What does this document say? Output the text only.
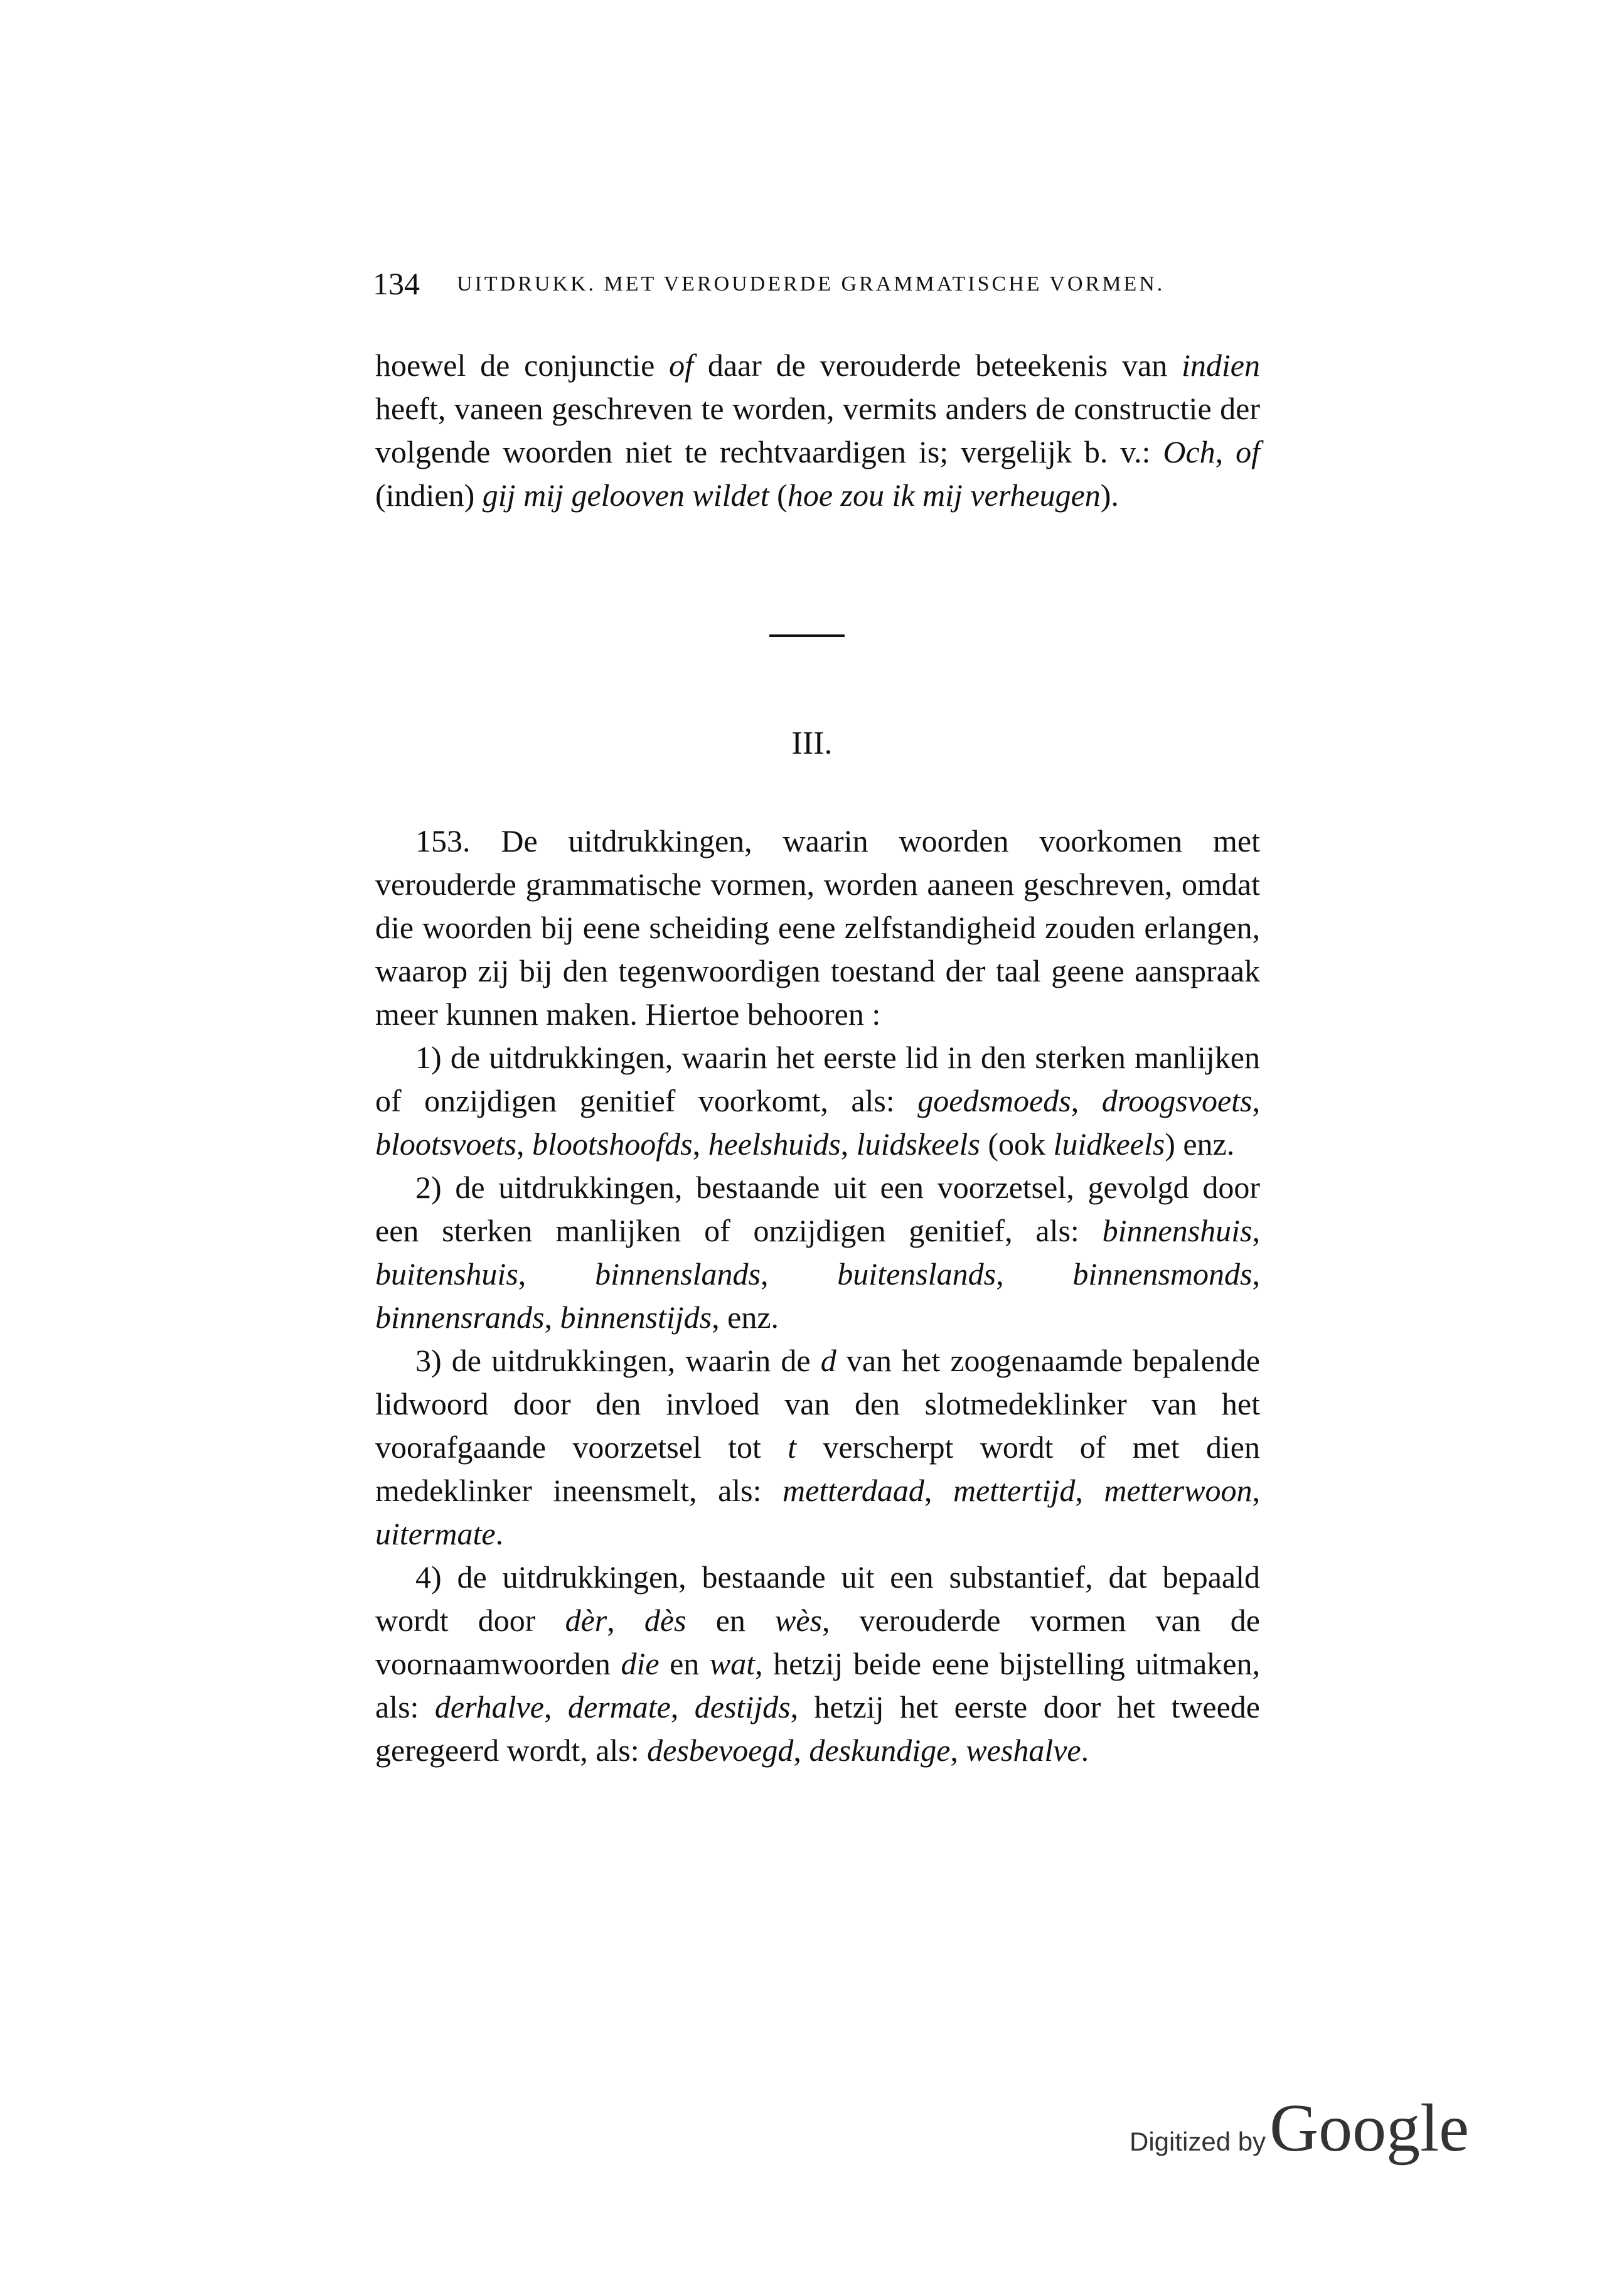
134 UITDRUKK. MET VEROUDERDE GRAMMATISCHE VORMEN.

hoewel de conjunctie of daar de verouderde beteekenis van indien heeft, vaneen geschreven te worden, vermits anders de constructie der volgende woorden niet te rechtvaardigen is; vergelijk b. v.: Och, of (indien) gij mij gelooven wildet (hoe zou ik mij verheugen).

III.

153. De uitdrukkingen, waarin woorden voorkomen met verouderde grammatische vormen, worden aaneen geschreven, omdat die woorden bij eene scheiding eene zelfstandigheid zouden erlangen, waarop zij bij den tegenwoordigen toestand der taal geene aanspraak meer kunnen maken. Hiertoe behooren :

1) de uitdrukkingen, waarin het eerste lid in den sterken manlijken of onzijdigen genitief voorkomt, als: goedsmoeds, droogsvoets, blootsvoets, blootshoofds, heelshuids, luidskeels (ook luidkeels) enz.

2) de uitdrukkingen, bestaande uit een voorzetsel, gevolgd door een sterken manlijken of onzijdigen genitief, als: binnenshuis, buitenshuis, binnenslands, buitenslands, binnensmonds, binnensrands, binnenstijds, enz.

3) de uitdrukkingen, waarin de d van het zoogenaamde bepalende lidwoord door den invloed van den slotmedeklinker van het voorafgaande voorzetsel tot t verscherpt wordt of met dien medeklinker ineensmelt, als: metterdaad, mettertijd, metterwoon, uitermate.

4) de uitdrukkingen, bestaande uit een substantief, dat bepaald wordt door dèr, dès en wès, verouderde vormen van de voornaamwoorden die en wat, hetzij beide eene bijstelling uitmaken, als: derhalve, dermate, destijds, hetzij het eerste door het tweede geregeerd wordt, als: desbevoegd, deskundige, weshalve.

Digitized byGoogle
